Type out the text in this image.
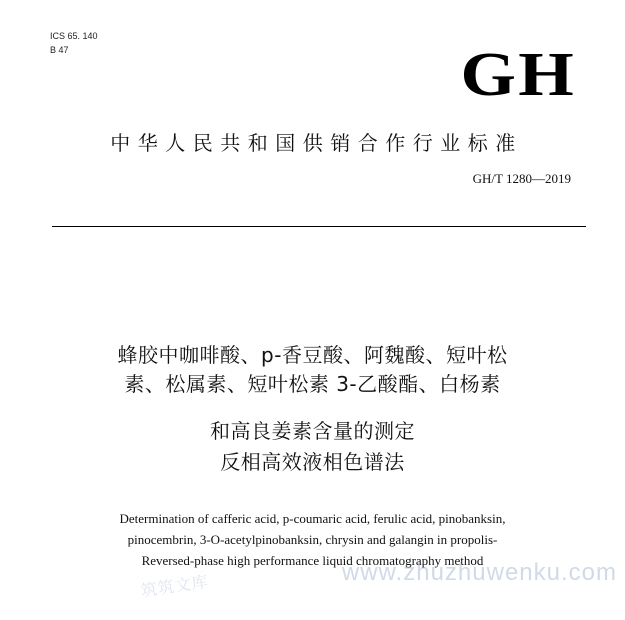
ICS 65. 140
B 47	GH
中华人民共和国供销合作行业标准
GH/T 1280—2019
蜂胶中咖啡酸、p-香豆酸、阿魏酸、短叶松
素、松属素、短叶松素 3-乙酸酯、白杨素
和高良姜素含量的测定
反相高效液相色谱法
Determination of cafferic acid, p-coumaric acid, ferulic acid, pinobanksin,
pinocembrin, 3-O-acetylpinobanksin, chrysin and galangin in propolis-
Reversed-phase high performance liquid chromatography method
筑筑文库
www.zhuzhuwenku.com
